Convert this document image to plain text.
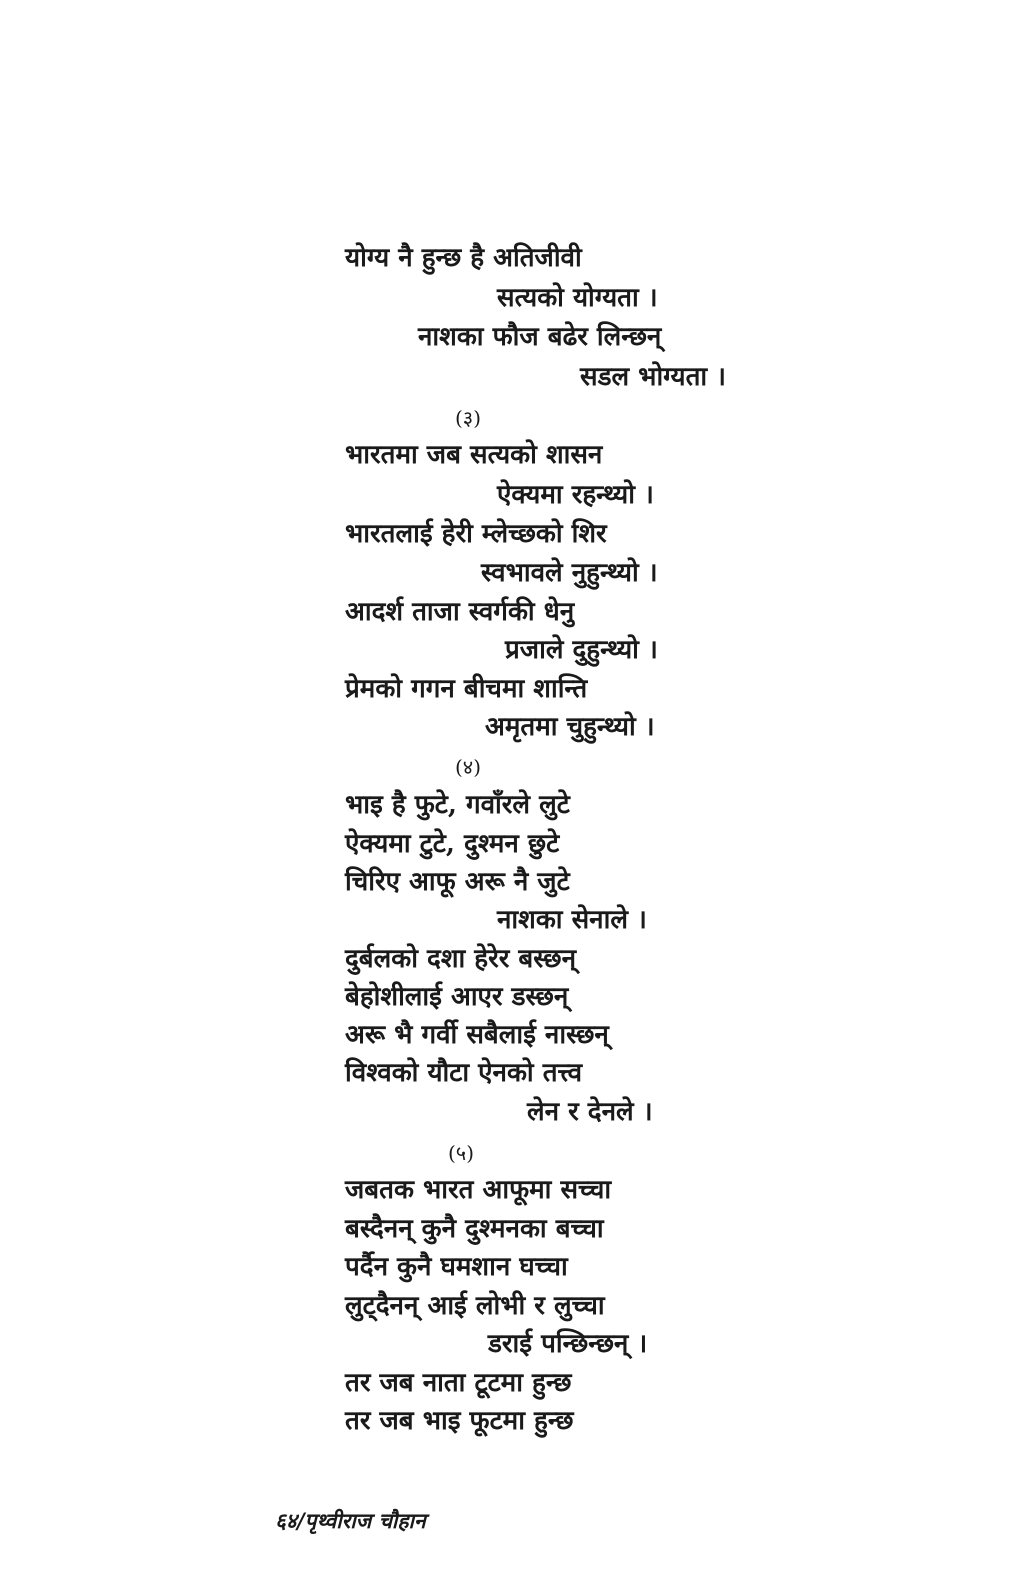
योग्य नै हुन्छ है अतिजीवी
सत्यको योग्यता ।
नाशका फौज बढेर लिन्छन्
सडल भोग्यता ।
(३)
भारतमा जब सत्यको शासन
ऐक्यमा रहन्थ्यो ।
भारतलाई हेरी म्लेच्छको शिर
स्वभावले नुहुन्थ्यो ।
आदर्श ताजा स्वर्गकी धेनु
प्रजाले दुहुन्थ्यो ।
प्रेमको गगन बीचमा शान्ति
अमृतमा चुहुन्थ्यो ।
(४)
भाइ है फुटे, गवाँरले लुटे
ऐक्यमा टुटे, दुश्मन छुटे
चिरिए आफू अरू नै जुटे
नाशका सेनाले ।
दुर्बलको दशा हेरेर बस्छन्
बेहोशीलाई आएर डस्छन्
अरू भै गर्वी सबैलाई नास्छन्
विश्वको यौटा ऐनको तत्त्व
लेन र देनले ।
(५)
जबतक भारत आफूमा सच्चा
बस्दैनन् कुनै दुश्मनका बच्चा
पर्दैन कुनै घमशान घच्चा
लुट्दैनन् आई लोभी र लुच्चा
डराई पन्छिन्छन् ।
तर जब नाता टूटमा हुन्छ
तर जब भाइ फूटमा हुन्छ
६४/पृथ्वीराज चौहान
